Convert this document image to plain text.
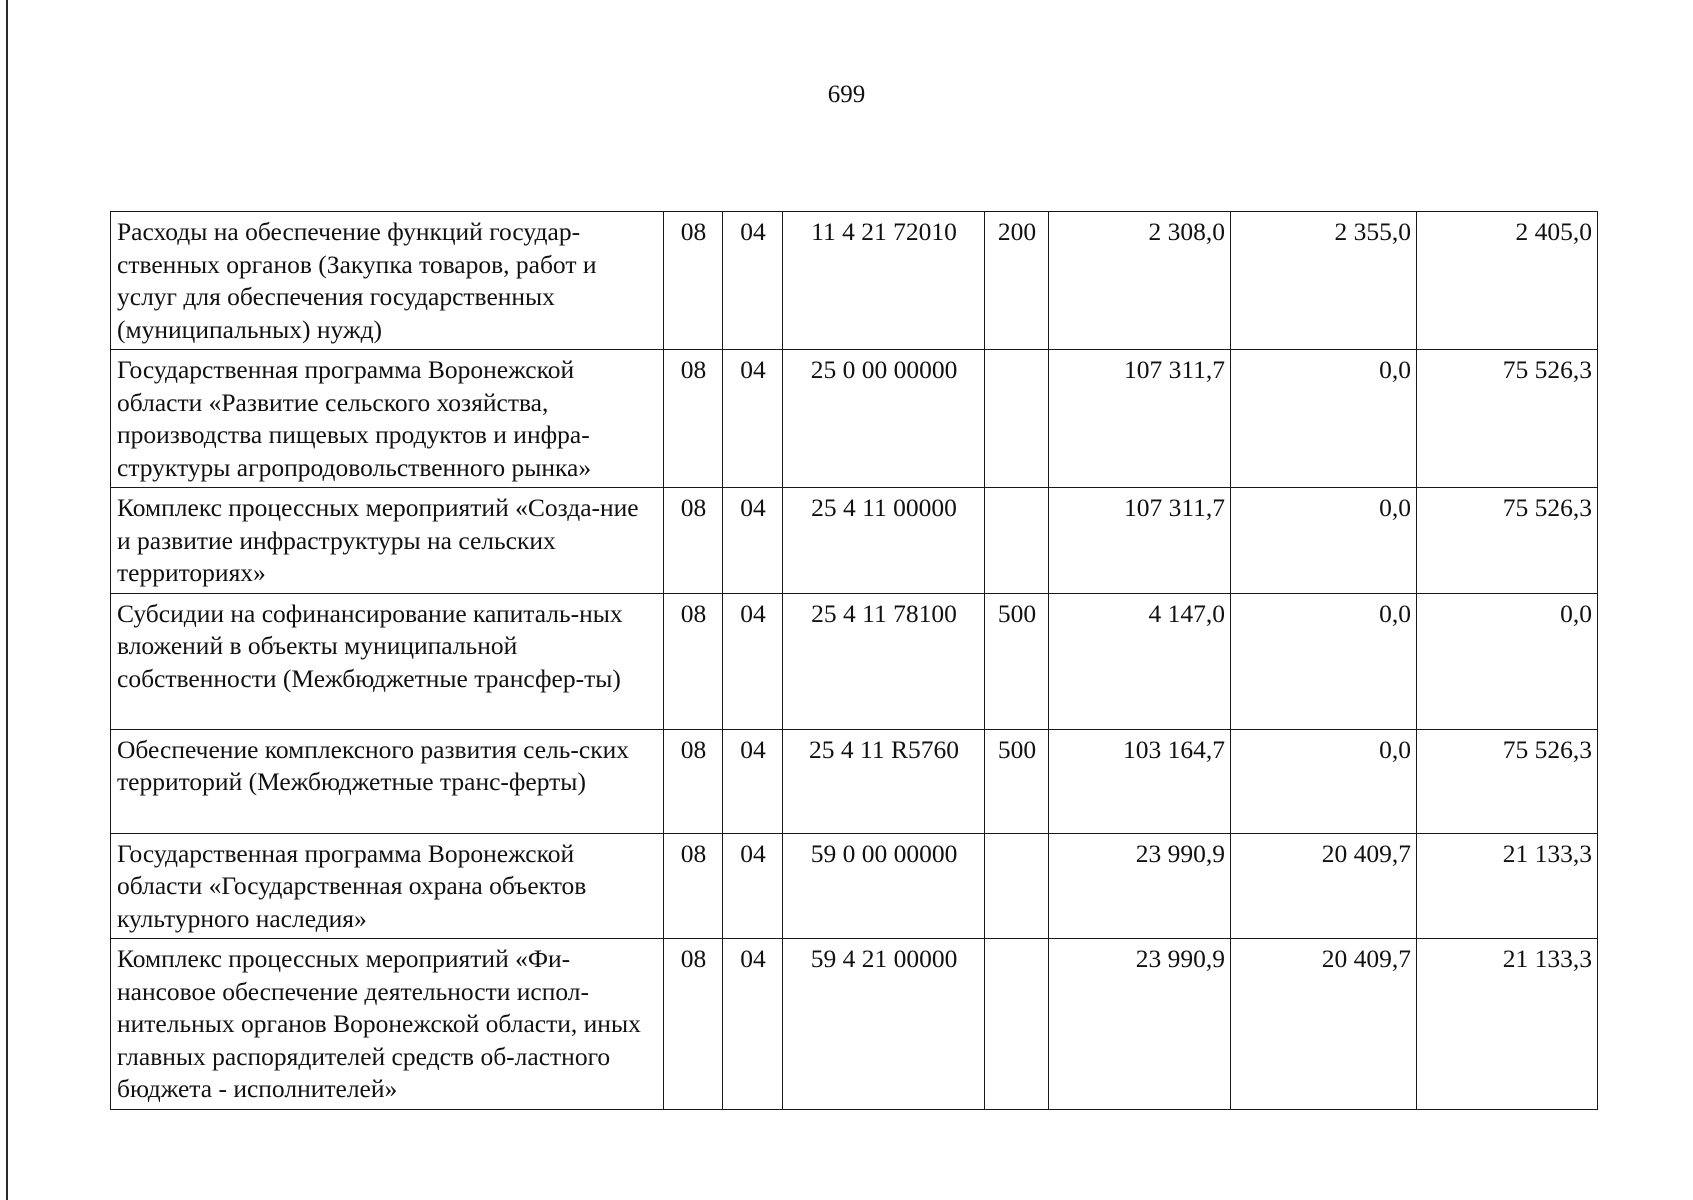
699
Расходы на обеспечение функций государ-ственных органов (Закупка товаров, работ и услуг для обеспечения государственных (муниципальных) нужд)	08	04	11 4 21 72010	200	2 308,0	2 355,0	2 405,0
Государственная программа Воронежской области «Развитие сельского хозяйства, производства пищевых продуктов и инфра-структуры агропродовольственного рынка»	08	04	25 0 00 00000		107 311,7	0,0	75 526,3
Комплекс процессных мероприятий «Созда-ние и развитие инфраструктуры на сельских территориях»	08	04	25 4 11 00000		107 311,7	0,0	75 526,3
Субсидии на софинансирование капиталь-ных вложений в объекты муниципальной собственности (Межбюджетные трансфер-ты)	08	04	25 4 11 78100	500	4 147,0	0,0	0,0
Обеспечение комплексного развития сель-ских территорий (Межбюджетные транс-ферты)	08	04	25 4 11 R5760	500	103 164,7	0,0	75 526,3
Государственная программа Воронежской области «Государственная охрана объектов культурного наследия»	08	04	59 0 00 00000		23 990,9	20 409,7	21 133,3
Комплекс процессных мероприятий «Фи-нансовое обеспечение деятельности испол-нительных органов Воронежской области, иных главных распорядителей средств об-ластного бюджета - исполнителей»	08	04	59 4 21 00000		23 990,9	20 409,7	21 133,3
